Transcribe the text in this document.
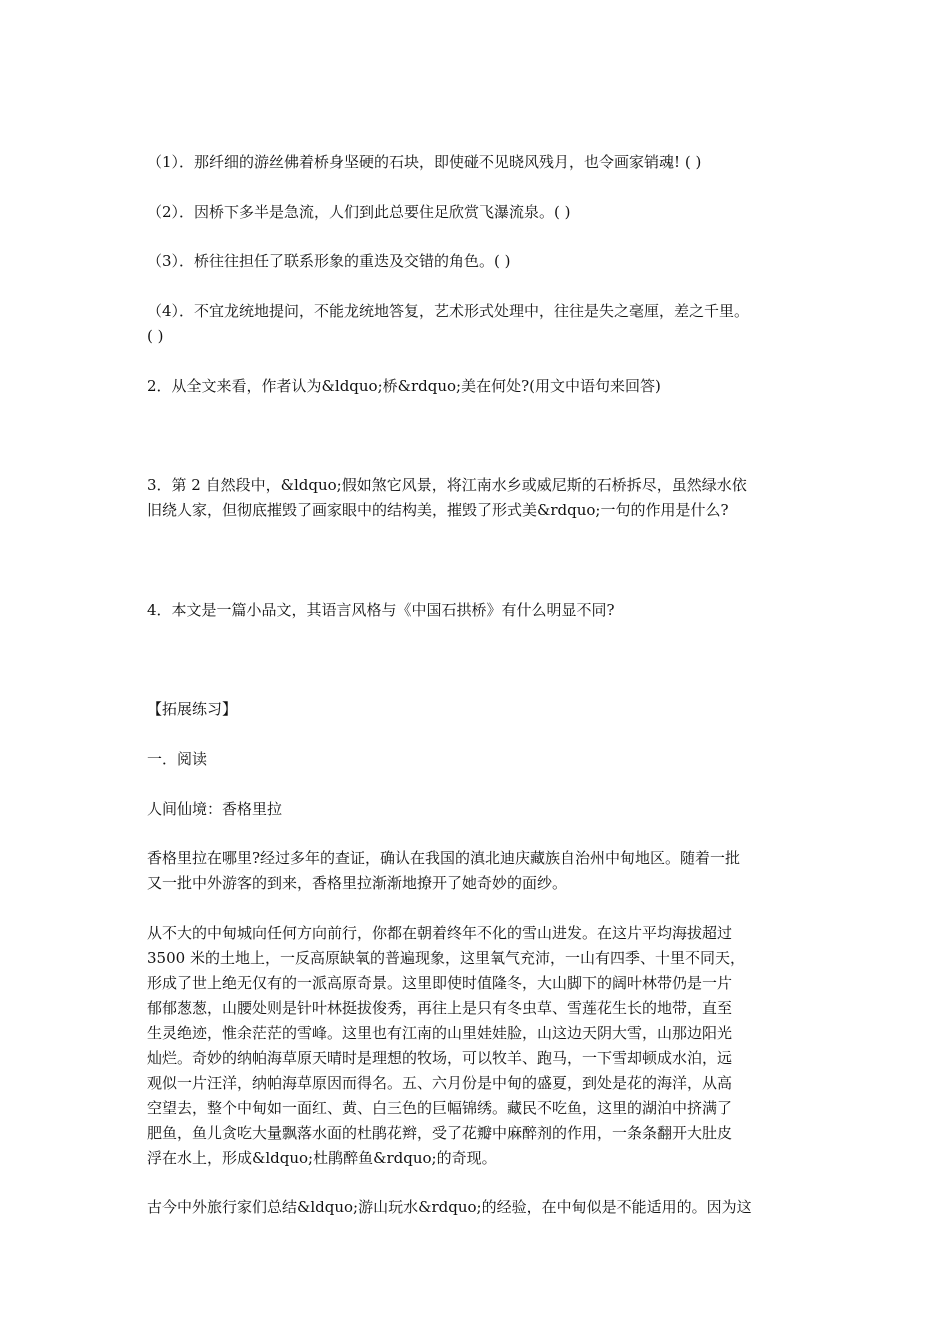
（1）．那纤细的游丝佛着桥身坚硬的石块，即使碰不见晓风残月，也令画家销魂! ( )

（2）．因桥下多半是急流，人们到此总要住足欣赏飞瀑流泉。( )

（3）．桥往往担任了联系形象的重迭及交错的角色。( )

（4）．不宜龙统地提问，不能龙统地答复，艺术形式处理中，往往是失之毫厘，差之千里。

( )

2．从全文来看，作者认为&ldquo;桥&rdquo;美在何处?(用文中语句来回答)

3．第 2 自然段中，&ldquo;假如煞它风景，将江南水乡或威尼斯的石桥拆尽，虽然绿水依

旧绕人家，但彻底摧毁了画家眼中的结构美，摧毁了形式美&rdquo;一句的作用是什么?

4．本文是一篇小品文，其语言风格与《中国石拱桥》有什么明显不同?

【拓展练习】

一．阅读

人间仙境：香格里拉

香格里拉在哪里?经过多年的查证，确认在我国的滇北迪庆藏族自治州中甸地区。随着一批

又一批中外游客的到来，香格里拉渐渐地撩开了她奇妙的面纱。

从不大的中甸城向任何方向前行，你都在朝着终年不化的雪山进发。在这片平均海拔超过

3500 米的土地上，一反高原缺氧的普遍现象，这里氧气充沛，一山有四季、十里不同天，

形成了世上绝无仅有的一派高原奇景。这里即使时值隆冬，大山脚下的阔叶林带仍是一片

郁郁葱葱，山腰处则是针叶林挺拔俊秀，再往上是只有冬虫草、雪莲花生长的地带，直至

生灵绝迹，惟余茫茫的雪峰。这里也有江南的山里娃娃脸，山这边天阴大雪，山那边阳光

灿烂。奇妙的纳帕海草原天晴时是理想的牧场，可以牧羊、跑马，一下雪却顿成水泊，远

观似一片汪洋，纳帕海草原因而得名。五、六月份是中甸的盛夏，到处是花的海洋，从高

空望去，整个中甸如一面红、黄、白三色的巨幅锦绣。藏民不吃鱼，这里的湖泊中挤满了

肥鱼，鱼儿贪吃大量飘落水面的杜鹃花辫，受了花瓣中麻醉剂的作用，一条条翻开大肚皮

浮在水上，形成&ldquo;杜鹃醉鱼&rdquo;的奇现。

古今中外旅行家们总结&ldquo;游山玩水&rdquo;的经验，在中甸似是不能适用的。因为这
